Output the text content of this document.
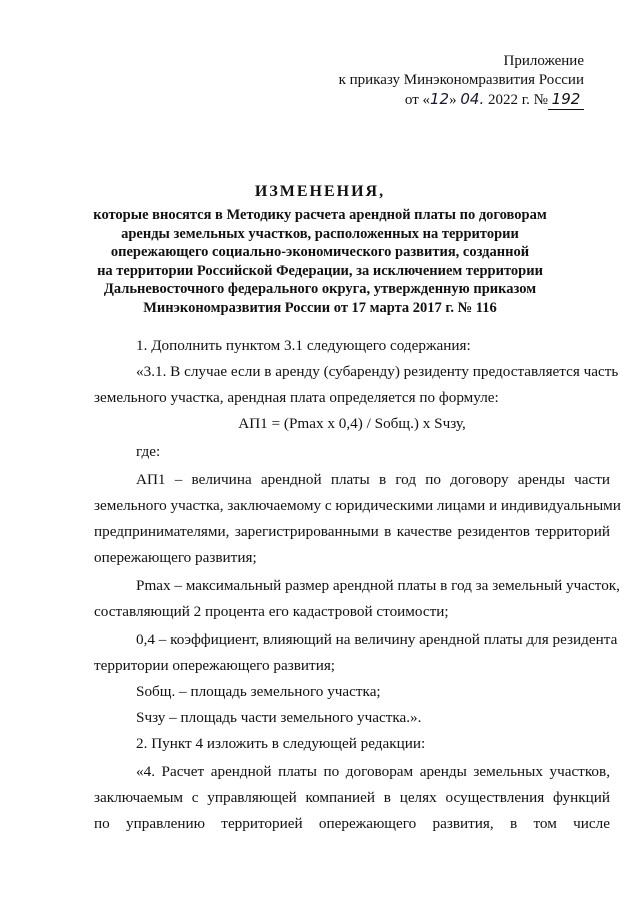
Приложение
к приказу Минэкономразвития России
от «12» 04. 2022 г. № 192
ИЗМЕНЕНИЯ,
которые вносятся в Методику расчета арендной платы по договорам
аренды земельных участков, расположенных на территории
опережающего социально-экономического развития, созданной
на территории Российской Федерации, за исключением территории
Дальневосточного федерального округа, утвержденную приказом
Минэкономразвития России от 17 марта 2017 г. № 116
1. Дополнить пунктом 3.1 следующего содержания:
«3.1. В случае если в аренду (субаренду) резиденту предоставляется часть
земельного участка, арендная плата определяется по формуле:
АП1 = (Pmax x 0,4) / Sобщ.) x Sчзу,
где:
АП1 – величина арендной платы в год по договору аренды части
земельного участка, заключаемому с юридическими лицами и индивидуальными
предпринимателями, зарегистрированными в качестве резидентов территорий
опережающего развития;
Pmax – максимальный размер арендной платы в год за земельный участок,
составляющий 2 процента его кадастровой стоимости;
0,4 – коэффициент, влияющий на величину арендной платы для резидента
территории опережающего развития;
Sобщ. – площадь земельного участка;
Sчзу – площадь части земельного участка.».
2. Пункт 4 изложить в следующей редакции:
«4. Расчет арендной платы по договорам аренды земельных участков,
заключаемым с управляющей компанией в целях осуществления функций
по управлению территорией опережающего развития, в том числе
